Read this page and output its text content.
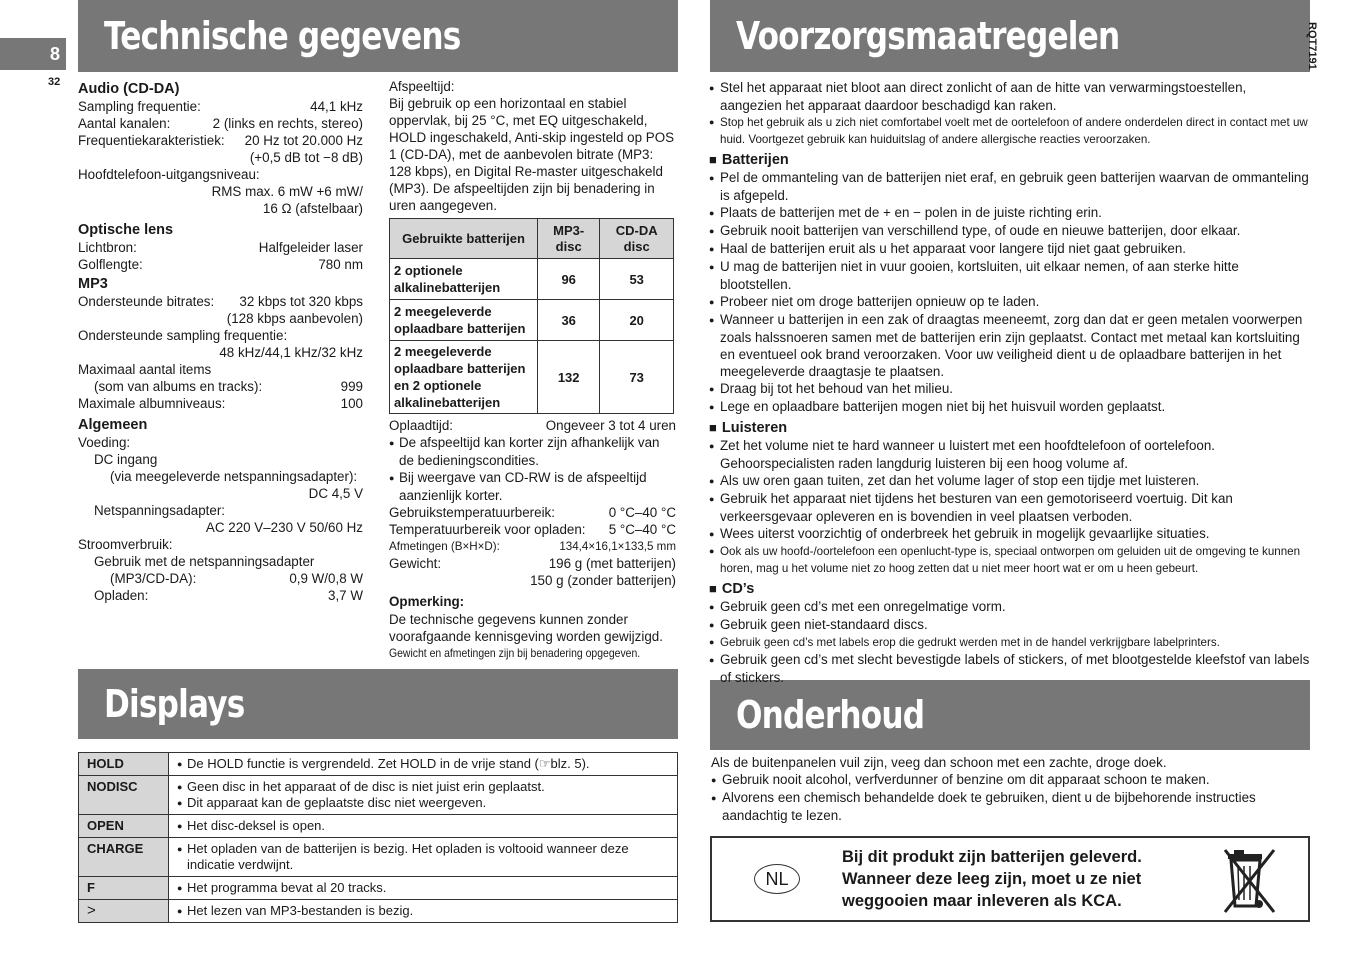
8
32
Technische gegevens	Voorzorgsmaatregelen	RQT7191
Displays	Onderhoud
Audio (CD-DA)
Sampling frequentie:	44,1 kHz
Aantal kanalen:	2 (links en rechts, stereo)
Frequentiekarakteristiek: 20 Hz tot 20.000 Hz
(+0,5 dB tot −8 dB)
Hoofdtelefoon-uitgangsniveau:
RMS max. 6 mW +6 mW/
16 Ω (afstelbaar)
Optische lens
Lichtbron:	Halfgeleider laser
Golflengte:	780 nm
MP3
Ondersteunde bitrates: 32 kbps tot 320 kbps
(128 kbps aanbevolen)
Ondersteunde sampling frequentie:
48 kHz/44,1 kHz/32 kHz
Maximaal aantal items
(som van albums en tracks):	999
Maximale albumniveaus:	100
Algemeen
Voeding:
DC ingang
(via meegeleverde netspanningsadapter):
DC 4,5 V
Netspanningsadapter:
AC 220 V–230 V 50/60 Hz
Stroomverbruik:
Gebruik met de netspanningsadapter
(MP3/CD-DA):	0,9 W/0,8 W
Opladen:	3,7 W
Afspeeltijd:
Bij gebruik op een horizontaal en stabiel oppervlak, bij 25 °C, met EQ uitgeschakeld, HOLD ingeschakeld, Anti-skip ingesteld op POS 1 (CD-DA), met de aanbevolen bitrate (MP3: 128 kbps), en Digital Re-master uitgeschakeld (MP3). De afspeeltijden zijn bij benadering in uren aangegeven.
Gebruikte batterijen	MP3-disc	CD-DA disc
2 optionele alkalinebatterijen	96	53
2 meegeleverde oplaadbare batterijen	36	20
2 meegeleverde oplaadbare batterijen en 2 optionele alkalinebatterijen	132	73
Oplaadtijd:	Ongeveer 3 tot 4 uren
● De afspeeltijd kan korter zijn afhankelijk van de bedieningscondities.
● Bij weergave van CD-RW is de afspeeltijd aanzienlijk korter.
Gebruikstemperatuurbereik:	0 °C–40 °C
Temperatuurbereik voor opladen: 5 °C–40 °C
Afmetingen (B×H×D):	134,4×16,1×133,5 mm
Gewicht:	196 g (met batterijen)
150 g (zonder batterijen)
Opmerking:
De technische gegevens kunnen zonder voorafgaande kennisgeving worden gewijzigd.
Gewicht en afmetingen zijn bij benadering opgegeven.
HOLD	● De HOLD functie is vergrendeld. Zet HOLD in de vrije stand (☞blz. 5).

NODISC	● Geen disc in het apparaat of de disc is niet juist erin geplaatst.
● Dit apparaat kan de geplaatste disc niet weergeven.

OPEN	● Het disc-deksel is open.

CHARGE	● Het opladen van de batterijen is bezig. Het opladen is voltooid wanneer deze indicatie verdwijnt.

F	● Het programma bevat al 20 tracks.

>	● Het lezen van MP3-bestanden is bezig.
● Stel het apparaat niet bloot aan direct zonlicht of aan de hitte van verwarmingstoestellen, aangezien het apparaat daardoor beschadigd kan raken.
● Stop het gebruik als u zich niet comfortabel voelt met de oortelefoon of andere onderdelen direct in contact met uw huid. Voortgezet gebruik kan huiduitslag of andere allergische reacties veroorzaken.
■ Batterijen
● Pel de ommanteling van de batterijen niet eraf, en gebruik geen batterijen waarvan de ommanteling is afgepeld.
● Plaats de batterijen met de + en − polen in de juiste richting erin.
● Gebruik nooit batterijen van verschillend type, of oude en nieuwe batterijen, door elkaar.
● Haal de batterijen eruit als u het apparaat voor langere tijd niet gaat gebruiken.
● U mag de batterijen niet in vuur gooien, kortsluiten, uit elkaar nemen, of aan sterke hitte blootstellen.
● Probeer niet om droge batterijen opnieuw op te laden.
● Wanneer u batterijen in een zak of draagtas meeneemt, zorg dan dat er geen metalen voorwerpen zoals halssnoeren samen met de batterijen erin zijn geplaatst. Contact met metaal kan kortsluiting en eventueel ook brand veroorzaken. Voor uw veiligheid dient u de oplaadbare batterijen in het meegeleverde draagtasje te plaatsen.
● Draag bij tot het behoud van het milieu.
● Lege en oplaadbare batterijen mogen niet bij het huisvuil worden geplaatst.
■ Luisteren
● Zet het volume niet te hard wanneer u luistert met een hoofdtelefoon of oortelefoon. Gehoorspecialisten raden langdurig luisteren bij een hoog volume af.
● Als uw oren gaan tuiten, zet dan het volume lager of stop een tijdje met luisteren.
● Gebruik het apparaat niet tijdens het besturen van een gemotoriseerd voertuig. Dit kan verkeersgevaar opleveren en is bovendien in veel plaatsen verboden.
● Wees uiterst voorzichtig of onderbreek het gebruik in mogelijk gevaarlijke situaties.
● Ook als uw hoofd-/oortelefoon een openlucht-type is, speciaal ontworpen om geluiden uit de omgeving te kunnen horen, mag u het volume niet zo hoog zetten dat u niet meer hoort wat er om u heen gebeurt.
■ CD’s
● Gebruik geen cd’s met een onregelmatige vorm.
● Gebruik geen niet-standaard discs.
● Gebruik geen cd’s met labels erop die gedrukt werden met in de handel verkrijgbare labelprinters.
● Gebruik geen cd’s met slecht bevestigde labels of stickers, of met blootgestelde kleefstof van labels of stickers.
Als de buitenpanelen vuil zijn, veeg dan schoon met een zachte, droge doek.
● Gebruik nooit alcohol, verfverdunner of benzine om dit apparaat schoon te maken.
● Alvorens een chemisch behandelde doek te gebruiken, dient u de bijbehorende instructies aandachtig te lezen.
NL
Bij dit produkt zijn batterijen geleverd.
Wanneer deze leeg zijn, moet u ze niet
weggooien maar inleveren als KCA.
